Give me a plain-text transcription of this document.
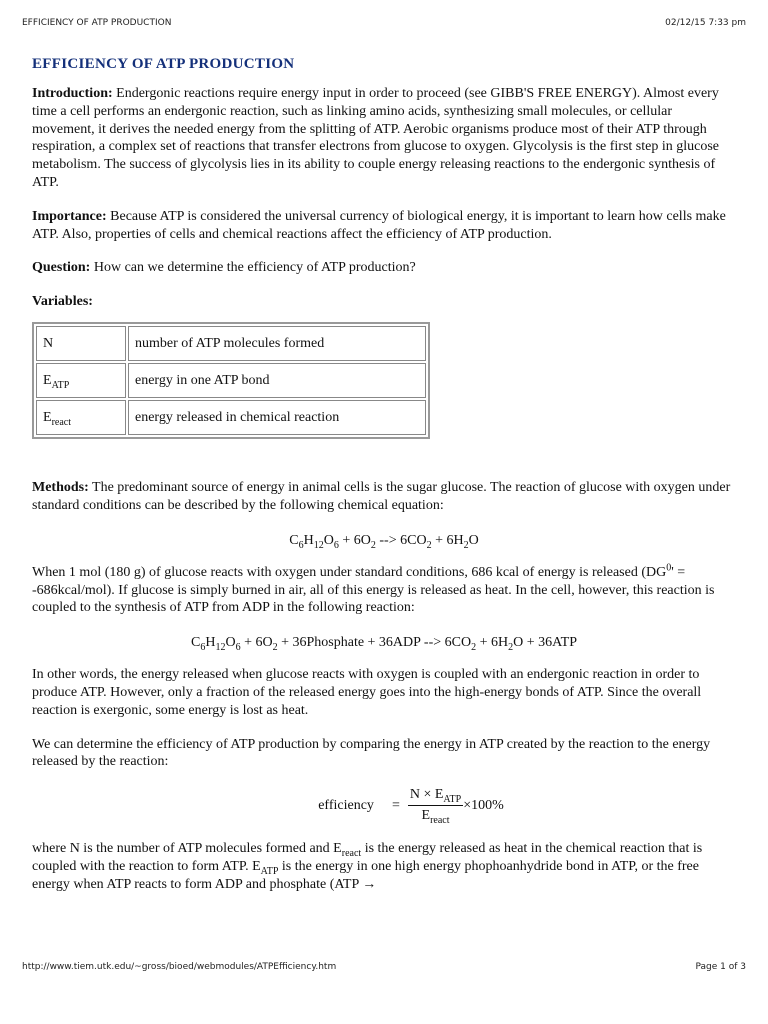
EFFICIENCY OF ATP PRODUCTION	02/12/15 7:33 pm
EFFICIENCY OF ATP PRODUCTION

Introduction: Endergonic reactions require energy input in order to proceed (see GIBB'S FREE ENERGY). Almost every time a cell performs an endergonic reaction, such as linking amino acids, synthesizing small molecules, or cellular movement, it derives the needed energy from the splitting of ATP. Aerobic organisms produce most of their ATP through respiration, a complex set of reactions that transfer electrons from glucose to oxygen. Glycolysis is the first step in glucose metabolism. The success of glycolysis lies in its ability to couple energy releasing reactions to the endergonic synthesis of ATP.

Importance: Because ATP is considered the universal currency of biological energy, it is important to learn how cells make ATP. Also, properties of cells and chemical reactions affect the efficiency of ATP production.

Question: How can we determine the efficiency of ATP production?

Variables:
N	number of ATP molecules formed
$E_{ATP}$	energy in one ATP bond
$E_{react}$	energy released in chemical reaction

Methods: The predominant source of energy in animal cells is the sugar glucose. The reaction of glucose with oxygen under standard conditions can be described by the following chemical equation:

$C_6H_{12}O_6 + 6O_2$ --> $6CO_2 + 6H_2O$

When 1 mol (180 g) of glucose reacts with oxygen under standard conditions, 686 kcal of energy is released ($DG^0'$ = -686kcal/mol). If glucose is simply burned in air, all of this energy is released as heat. In the cell, however, this reaction is coupled to the synthesis of ATP from ADP in the following reaction:

$C_6H_{12}O_6 + 6O_2$ + 36Phosphate + 36ADP --> $6CO_2 + 6H_2O + 36ATP$

In other words, the energy released when glucose reacts with oxygen is coupled with an endergonic reaction in order to produce ATP. However, only a fraction of the released energy goes into the high-energy bonds of ATP. Since the overall reaction is exergonic, some energy is lost as heat.

We can determine the efficiency of ATP production by comparing the energy in ATP created by the reaction to the energy released by the reaction:

efficiency = $\frac{N \times E_{ATP}}{E_{react}} \times 100\%$

where N is the number of ATP molecules formed and $E_{react}$ is the energy released as heat in the chemical reaction that is coupled with the reaction to form ATP. $E_{ATP}$ is the energy in one high energy phophoanhydride bond in ATP, or the free energy when ATP reacts to form ADP and phosphate (ATP →

http://www.tiem.utk.edu/~gross/bioed/webmodules/ATPEfficiency.htm	Page 1 of 3
